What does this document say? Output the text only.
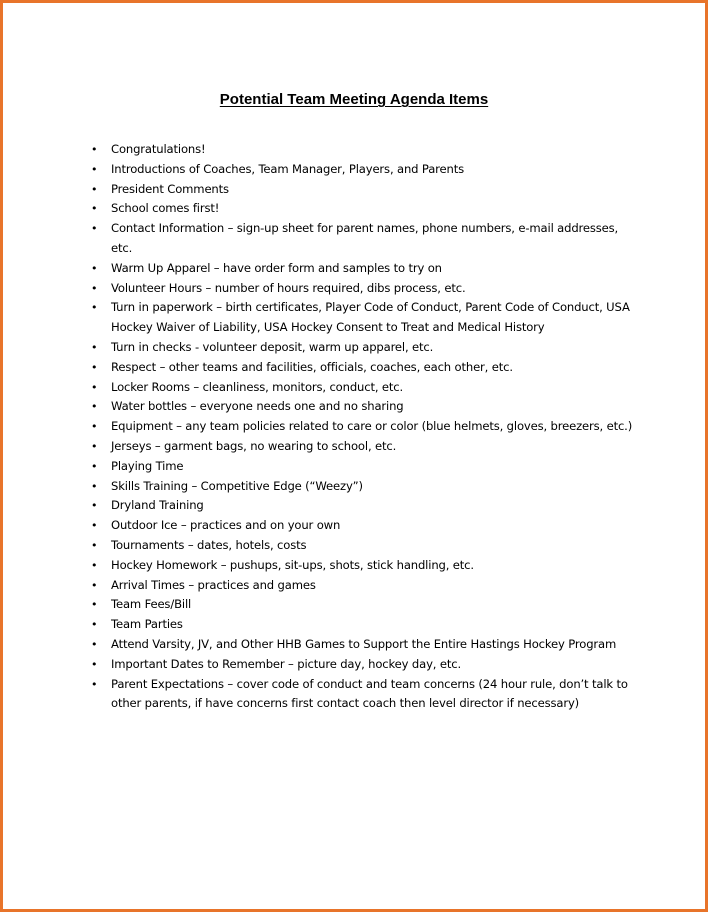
Potential Team Meeting Agenda Items
• Congratulations!
• Introductions of Coaches, Team Manager, Players, and Parents
• President Comments
• School comes first!
• Contact Information – sign-up sheet for parent names, phone numbers, e-mail addresses, etc.
• Warm Up Apparel – have order form and samples to try on
• Volunteer Hours – number of hours required, dibs process, etc.
• Turn in paperwork – birth certificates, Player Code of Conduct, Parent Code of Conduct, USA Hockey Waiver of Liability, USA Hockey Consent to Treat and Medical History
• Turn in checks - volunteer deposit, warm up apparel, etc.
• Respect – other teams and facilities, officials, coaches, each other, etc.
• Locker Rooms – cleanliness, monitors, conduct, etc.
• Water bottles – everyone needs one and no sharing
• Equipment – any team policies related to care or color (blue helmets, gloves, breezers, etc.)
• Jerseys – garment bags, no wearing to school, etc.
• Playing Time
• Skills Training – Competitive Edge (“Weezy”)
• Dryland Training
• Outdoor Ice – practices and on your own
• Tournaments – dates, hotels, costs
• Hockey Homework – pushups, sit-ups, shots, stick handling, etc.
• Arrival Times – practices and games
• Team Fees/Bill
• Team Parties
• Attend Varsity, JV, and Other HHB Games to Support the Entire Hastings Hockey Program
• Important Dates to Remember – picture day, hockey day, etc.
• Parent Expectations – cover code of conduct and team concerns (24 hour rule, don’t talk to other parents, if have concerns first contact coach then level director if necessary)
